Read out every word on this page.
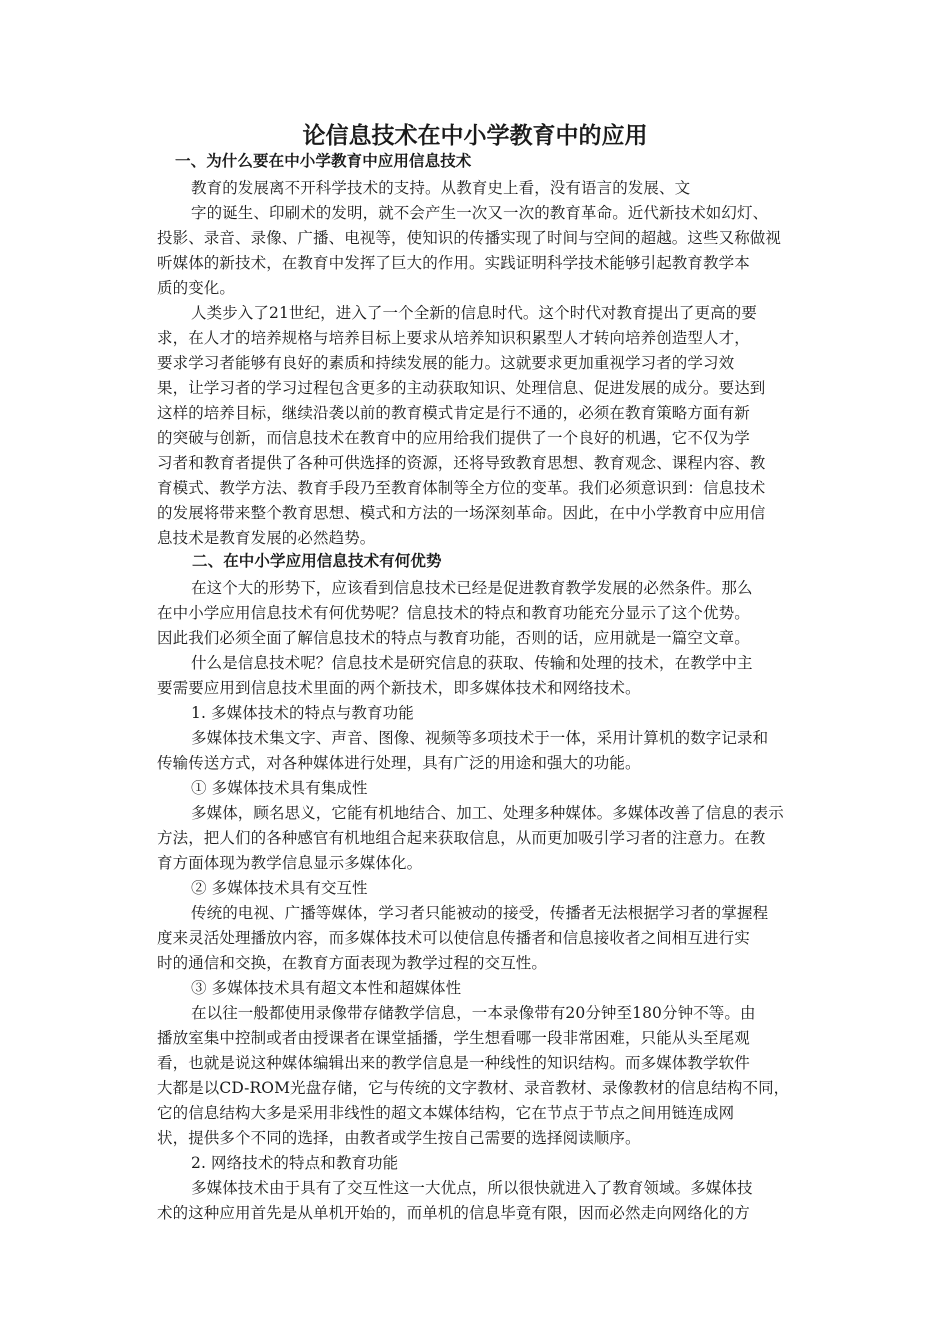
论信息技术在中小学教育中的应用
一、为什么要在中小学教育中应用信息技术
教育的发展离不开科学技术的支持。从教育史上看，没有语言的发展、文
字的诞生、印刷术的发明，就不会产生一次又一次的教育革命。近代新技术如幻灯、
投影、录音、录像、广播、电视等，使知识的传播实现了时间与空间的超越。这些又称做视
听媒体的新技术，在教育中发挥了巨大的作用。实践证明科学技术能够引起教育教学本
质的变化。
人类步入了21世纪，进入了一个全新的信息时代。这个时代对教育提出了更高的要
求，在人才的培养规格与培养目标上要求从培养知识积累型人才转向培养创造型人才，
要求学习者能够有良好的素质和持续发展的能力。这就要求更加重视学习者的学习效
果，让学习者的学习过程包含更多的主动获取知识、处理信息、促进发展的成分。要达到
这样的培养目标，继续沿袭以前的教育模式肯定是行不通的，必须在教育策略方面有新
的突破与创新，而信息技术在教育中的应用给我们提供了一个良好的机遇，它不仅为学
习者和教育者提供了各种可供选择的资源，还将导致教育思想、教育观念、课程内容、教
育模式、教学方法、教育手段乃至教育体制等全方位的变革。我们必须意识到：信息技术
的发展将带来整个教育思想、模式和方法的一场深刻革命。因此，在中小学教育中应用信
息技术是教育发展的必然趋势。
二、在中小学应用信息技术有何优势
在这个大的形势下，应该看到信息技术已经是促进教育教学发展的必然条件。那么
在中小学应用信息技术有何优势呢？信息技术的特点和教育功能充分显示了这个优势。
因此我们必须全面了解信息技术的特点与教育功能，否则的话，应用就是一篇空文章。
什么是信息技术呢？信息技术是研究信息的获取、传输和处理的技术，在教学中主
要需要应用到信息技术里面的两个新技术，即多媒体技术和网络技术。
1. 多媒体技术的特点与教育功能
多媒体技术集文字、声音、图像、视频等多项技术于一体，采用计算机的数字记录和
传输传送方式，对各种媒体进行处理，具有广泛的用途和强大的功能。
① 多媒体技术具有集成性
多媒体，顾名思义，它能有机地结合、加工、处理多种媒体。多媒体改善了信息的表示
方法，把人们的各种感官有机地组合起来获取信息，从而更加吸引学习者的注意力。在教
育方面体现为教学信息显示多媒体化。
② 多媒体技术具有交互性
传统的电视、广播等媒体，学习者只能被动的接受，传播者无法根据学习者的掌握程
度来灵活处理播放内容，而多媒体技术可以使信息传播者和信息接收者之间相互进行实
时的通信和交换，在教育方面表现为教学过程的交互性。
③ 多媒体技术具有超文本性和超媒体性
在以往一般都使用录像带存储教学信息，一本录像带有20分钟至180分钟不等。由
播放室集中控制或者由授课者在课堂插播，学生想看哪一段非常困难，只能从头至尾观
看，也就是说这种媒体编辑出来的教学信息是一种线性的知识结构。而多媒体教学软件
大都是以CD-ROM光盘存储，它与传统的文字教材、录音教材、录像教材的信息结构不同，
它的信息结构大多是采用非线性的超文本媒体结构，它在节点于节点之间用链连成网
状，提供多个不同的选择，由教者或学生按自己需要的选择阅读顺序。
2. 网络技术的特点和教育功能
多媒体技术由于具有了交互性这一大优点，所以很快就进入了教育领域。多媒体技
术的这种应用首先是从单机开始的，而单机的信息毕竟有限，因而必然走向网络化的方
